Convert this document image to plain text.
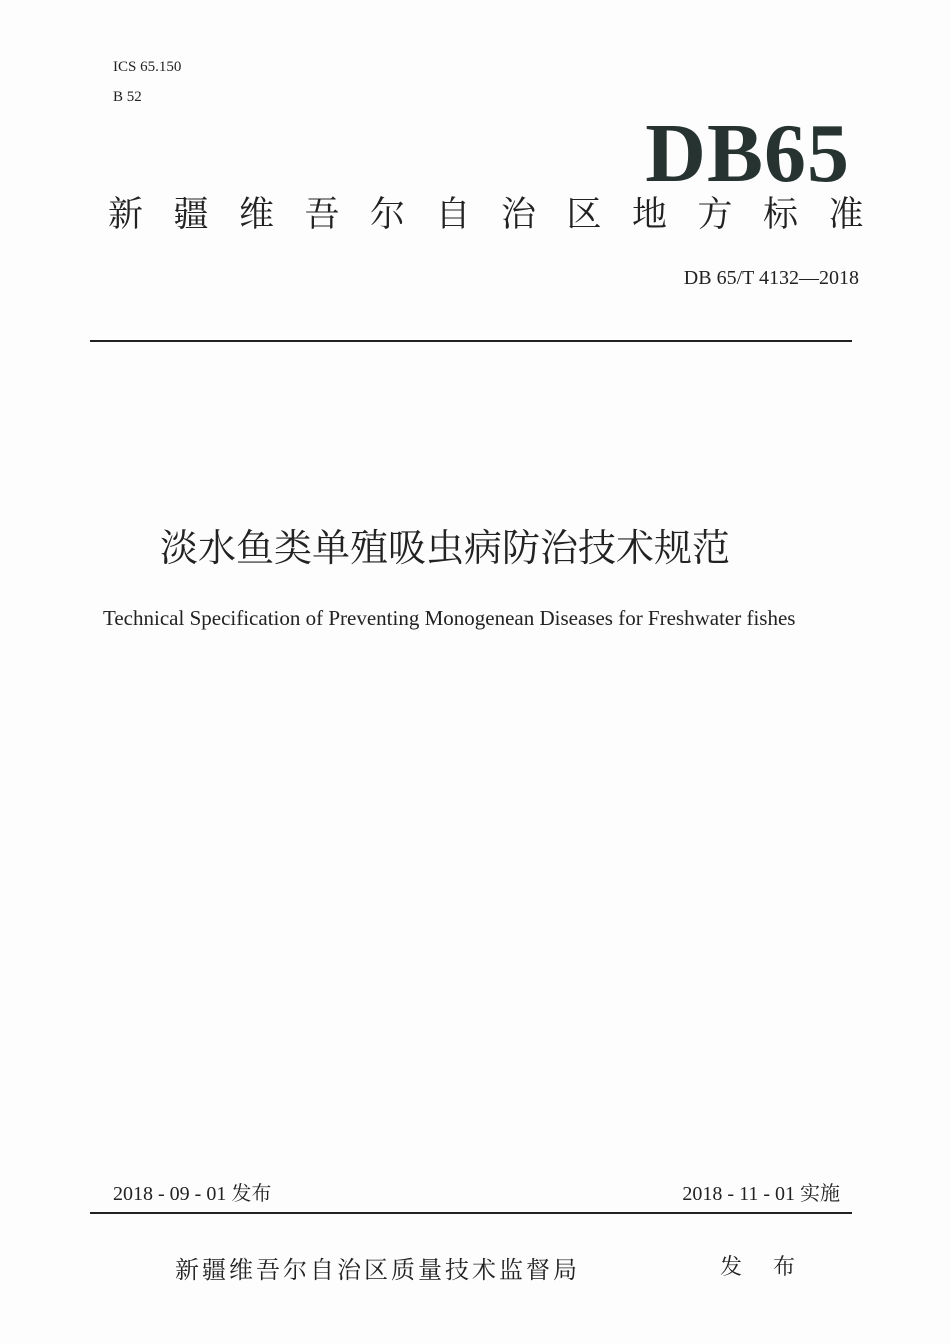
ICS 65.150
B 52
DB65
新疆维吾尔自治区地方标准
DB 65/T 4132—2018
淡水鱼类单殖吸虫病防治技术规范
Technical Specification of Preventing Monogenean Diseases for Freshwater fishes
2018 - 09 - 01 发布	2018 - 11 - 01 实施
新疆维吾尔自治区质量技术监督局	发 布
